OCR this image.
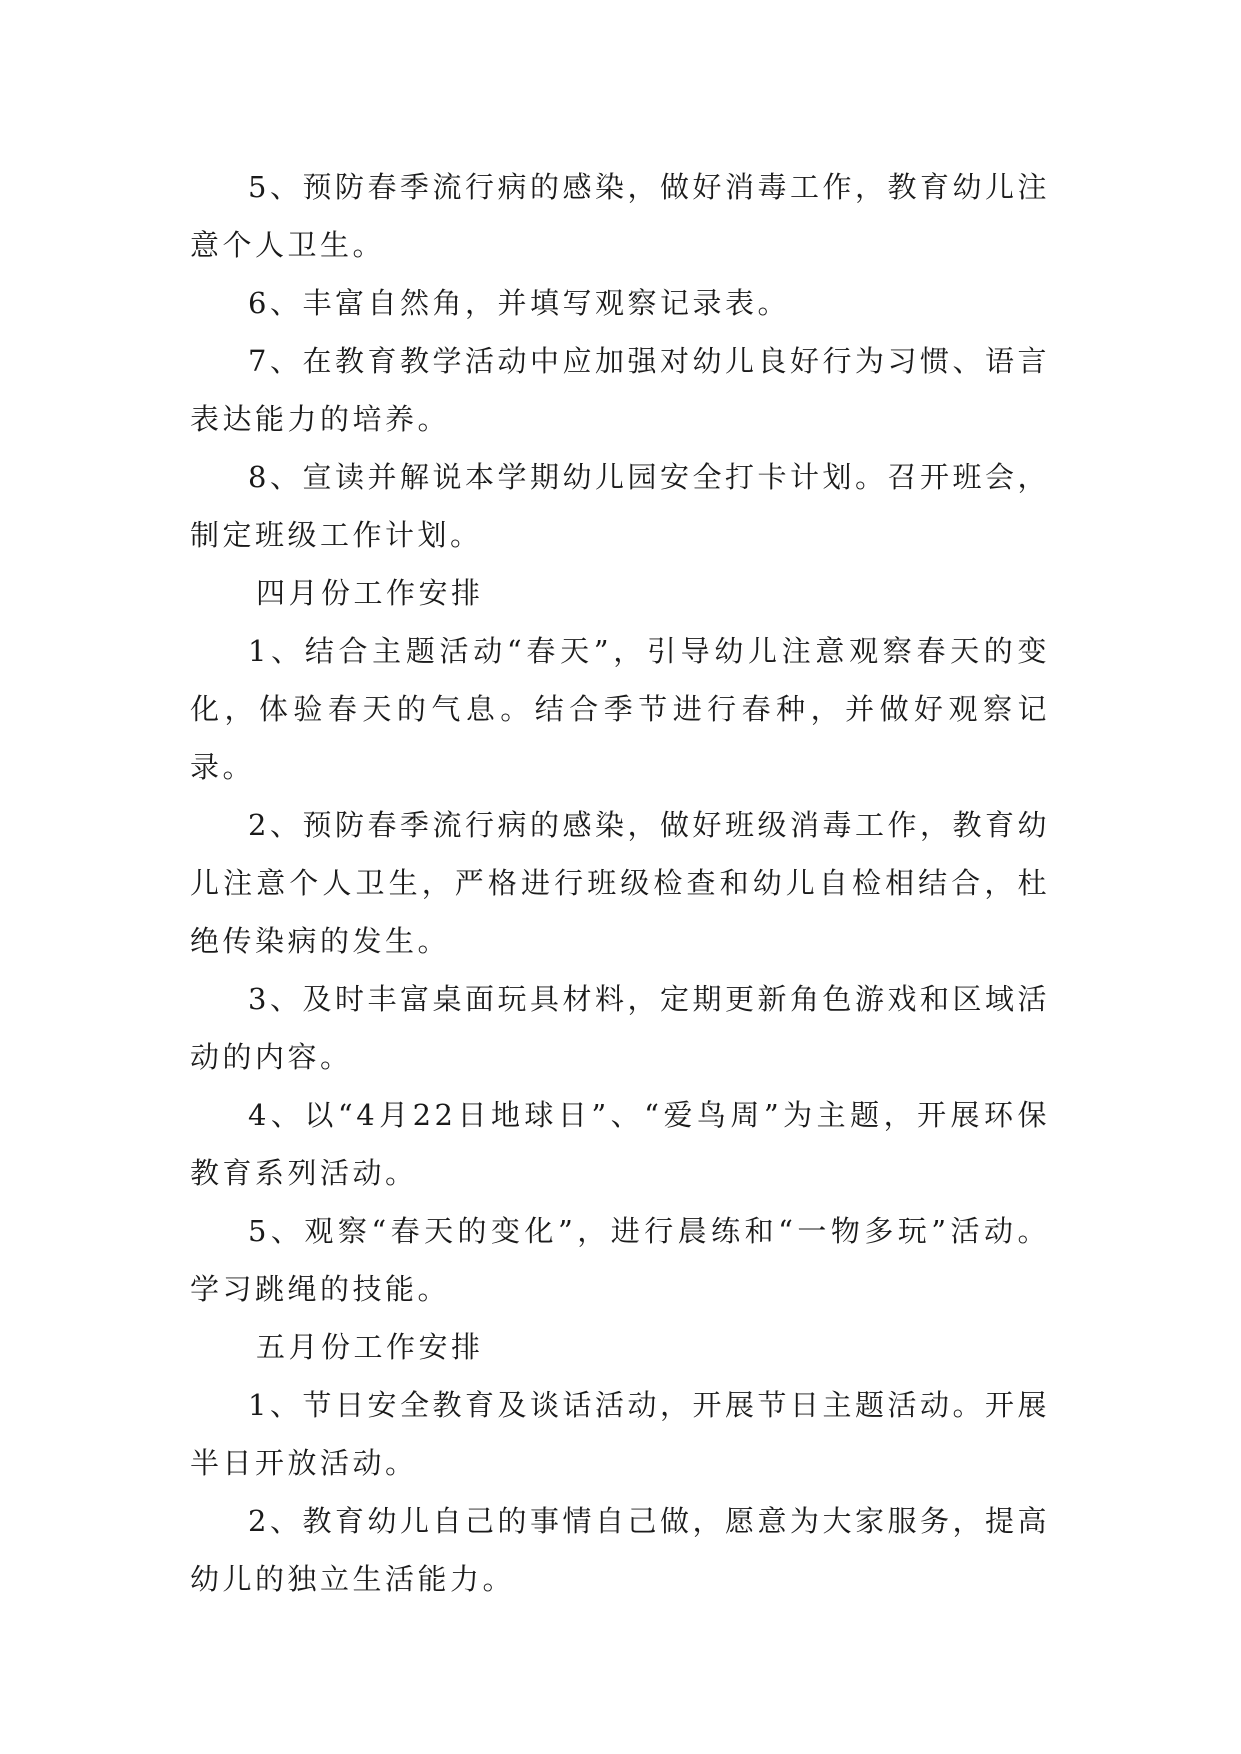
5、预防春季流行病的感染，做好消毒工作，教育幼儿注意个人卫生。

6、丰富自然角，并填写观察记录表。

7、在教育教学活动中应加强对幼儿良好行为习惯、语言表达能力的培养。

8、宣读并解说本学期幼儿园安全打卡计划。召开班会，制定班级工作计划。

四月份工作安排

1、结合主题活动“春天”，引导幼儿注意观察春天的变化，体验春天的气息。结合季节进行春种，并做好观察记录。

2、预防春季流行病的感染，做好班级消毒工作，教育幼儿注意个人卫生，严格进行班级检查和幼儿自检相结合，杜绝传染病的发生。

3、及时丰富桌面玩具材料，定期更新角色游戏和区域活动的内容。

4、以“4月22日地球日”、“爱鸟周”为主题，开展环保教育系列活动。

5、观察“春天的变化”，进行晨练和“一物多玩”活动。学习跳绳的技能。

五月份工作安排

1、节日安全教育及谈话活动，开展节日主题活动。开展半日开放活动。

2、教育幼儿自己的事情自己做，愿意为大家服务，提高幼儿的独立生活能力。
